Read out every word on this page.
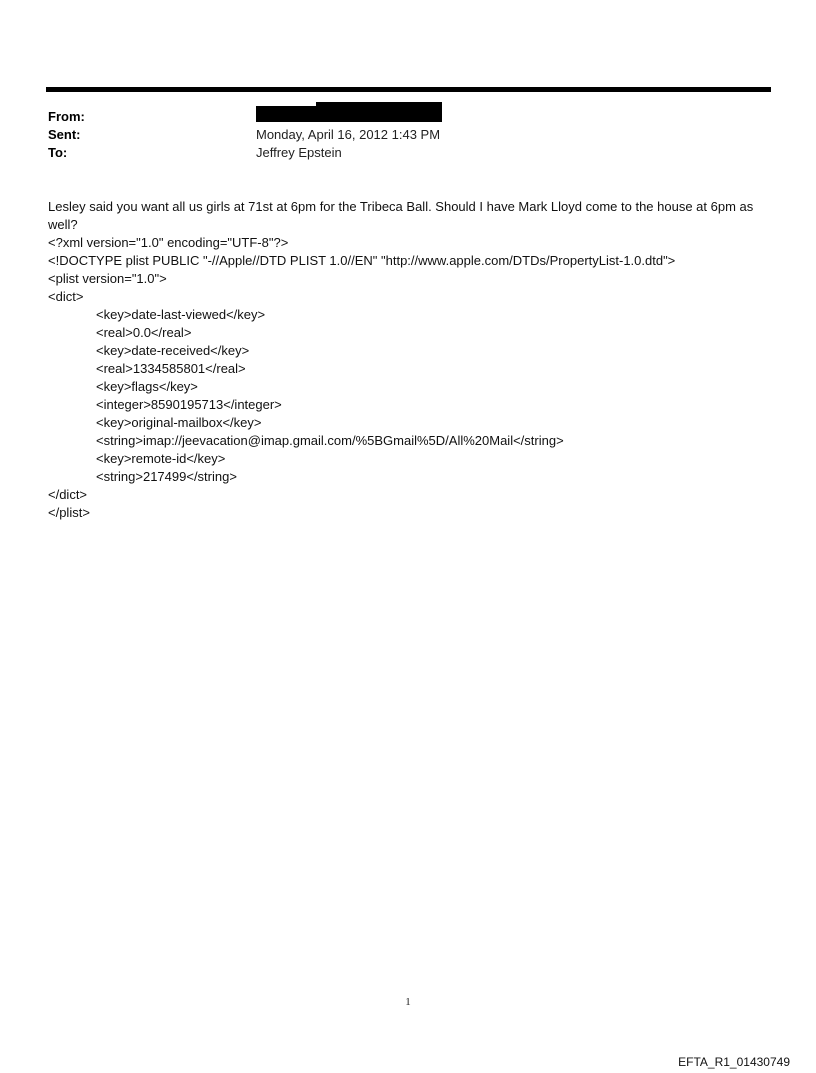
From:
Sent:	Monday, April 16, 2012 1:43 PM
To:	Jeffrey Epstein

Lesley said you want all us girls at 71st at 6pm for the Tribeca Ball. Should I have Mark Lloyd come to the house at 6pm as well?

<?xml version="1.0" encoding="UTF-8"?>
<!DOCTYPE plist PUBLIC "-//Apple//DTD PLIST 1.0//EN" "http://www.apple.com/DTDs/PropertyList-1.0.dtd">
<plist version="1.0">
<dict>
<key>date-last-viewed</key>
<real>0.0</real>
<key>date-received</key>
<real>1334585801</real>
<key>flags</key>
<integer>8590195713</integer>
<key>original-mailbox</key>
<string>imap://jeevacation@imap.gmail.com/%5BGmail%5D/All%20Mail</string>
<key>remote-id</key>
<string>217499</string>
</dict>
</plist>
1
EFTA_R1_01430749
